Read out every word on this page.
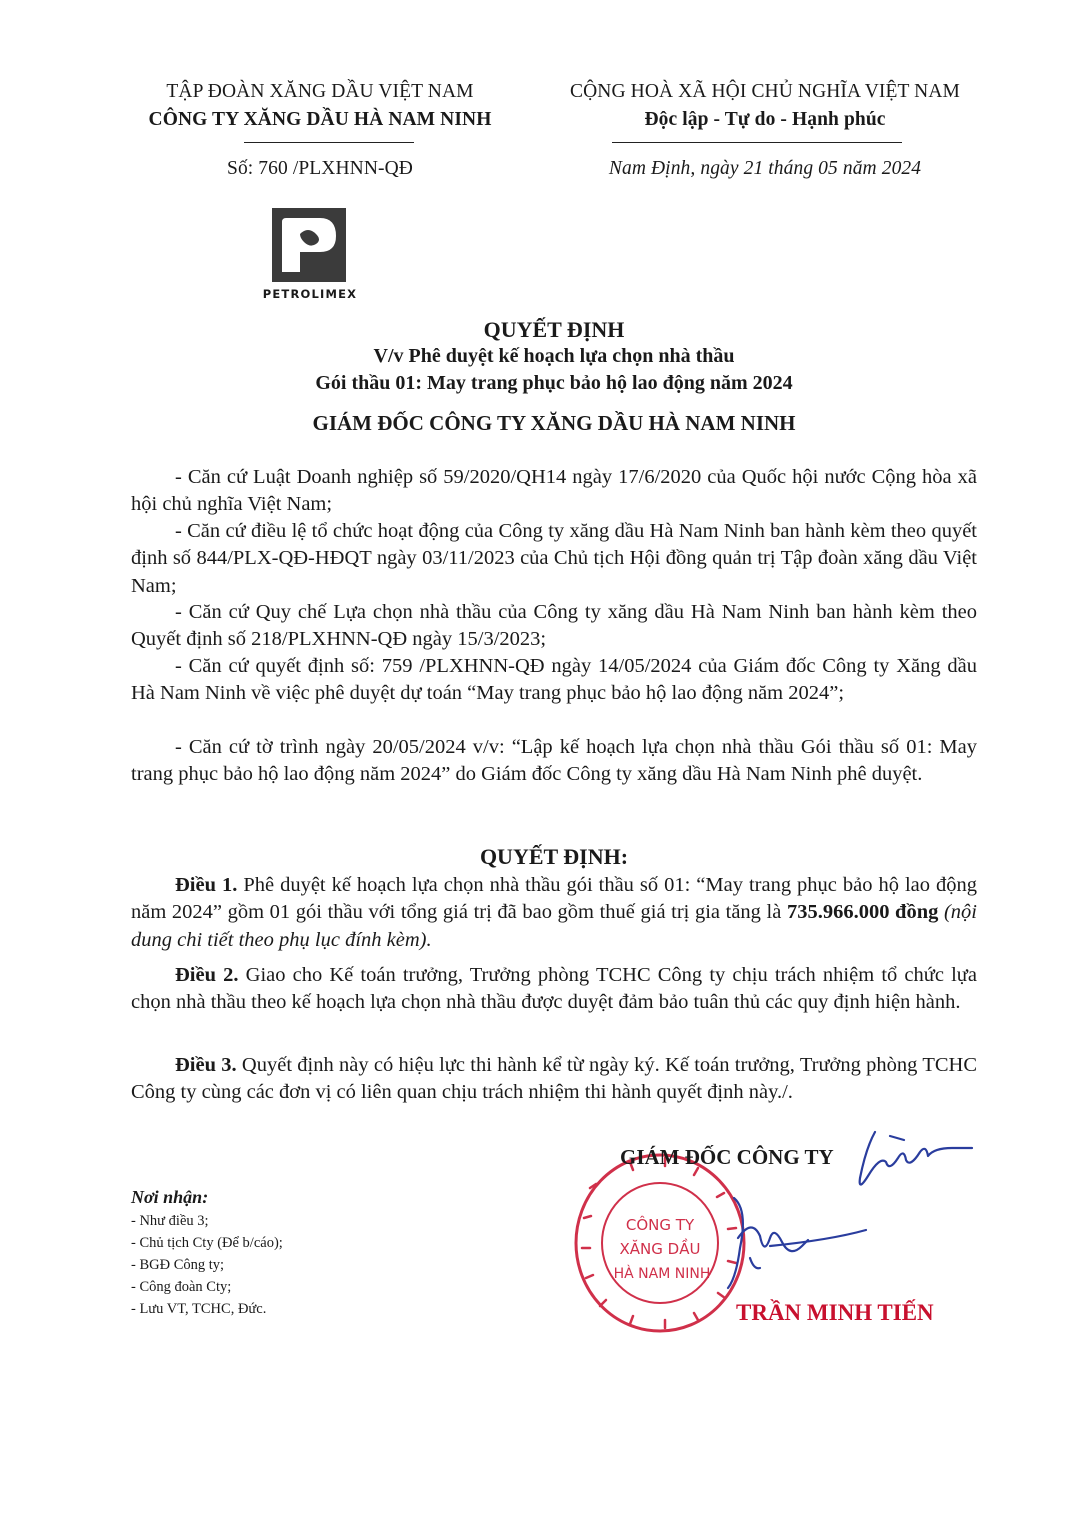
TẬP ĐOÀN XĂNG DẦU VIỆT NAM
CÔNG TY XĂNG DẦU HÀ NAM NINH
CỘNG HOÀ XÃ HỘI CHỦ NGHĨA VIỆT NAM
Độc lập - Tự do - Hạnh phúc
Số: 760 /PLXHNN-QĐ	Nam Định, ngày 21 tháng 05 năm 2024
PETROLIMEX
QUYẾT ĐỊNH
V/v Phê duyệt kế hoạch lựa chọn nhà thầu
Gói thầu 01: May trang phục bảo hộ lao động năm 2024
GIÁM ĐỐC CÔNG TY XĂNG DẦU HÀ NAM NINH
- Căn cứ Luật Doanh nghiệp số 59/2020/QH14 ngày 17/6/2020 của Quốc hội nước Cộng hòa xã hội chủ nghĩa Việt Nam;
- Căn cứ điều lệ tổ chức hoạt động của Công ty xăng dầu Hà Nam Ninh ban hành kèm theo quyết định số 844/PLX-QĐ-HĐQT ngày 03/11/2023 của Chủ tịch Hội đồng quản trị Tập đoàn xăng dầu Việt Nam;
- Căn cứ Quy chế Lựa chọn nhà thầu của Công ty xăng dầu Hà Nam Ninh ban hành kèm theo Quyết định số 218/PLXHNN-QĐ ngày 15/3/2023;
- Căn cứ quyết định số: 759 /PLXHNN-QĐ ngày 14/05/2024 của Giám đốc Công ty Xăng dầu Hà Nam Ninh về việc phê duyệt dự toán “May trang phục bảo hộ lao động năm 2024”;
- Căn cứ tờ trình ngày 20/05/2024 v/v: “Lập kế hoạch lựa chọn nhà thầu Gói thầu số 01: May trang phục bảo hộ lao động năm 2024” do Giám đốc Công ty xăng dầu Hà Nam Ninh phê duyệt.
QUYẾT ĐỊNH:
Điều 1. Phê duyệt kế hoạch lựa chọn nhà thầu gói thầu số 01: “May trang phục bảo hộ lao động năm 2024” gồm 01 gói thầu với tổng giá trị đã bao gồm thuế giá trị gia tăng là 735.966.000 đồng (nội dung chi tiết theo phụ lục đính kèm).
Điều 2. Giao cho Kế toán trưởng, Trưởng phòng TCHC Công ty chịu trách nhiệm tổ chức lựa chọn nhà thầu theo kế hoạch lựa chọn nhà thầu được duyệt đảm bảo tuân thủ các quy định hiện hành.
Điều 3. Quyết định này có hiệu lực thi hành kể từ ngày ký. Kế toán trưởng, Trưởng phòng TCHC Công ty cùng các đơn vị có liên quan chịu trách nhiệm thi hành quyết định này./.
Nơi nhận:
- Như điều 3;
- Chủ tịch Cty (Để b/cáo);
- BGĐ Công ty;
- Công đoàn Cty;
- Lưu VT, TCHC, Đức.
CÔNG TY
XĂNG DẦU
HÀ NAM NINH
GIÁM ĐỐC CÔNG TY
TRẦN MINH TIẾN
